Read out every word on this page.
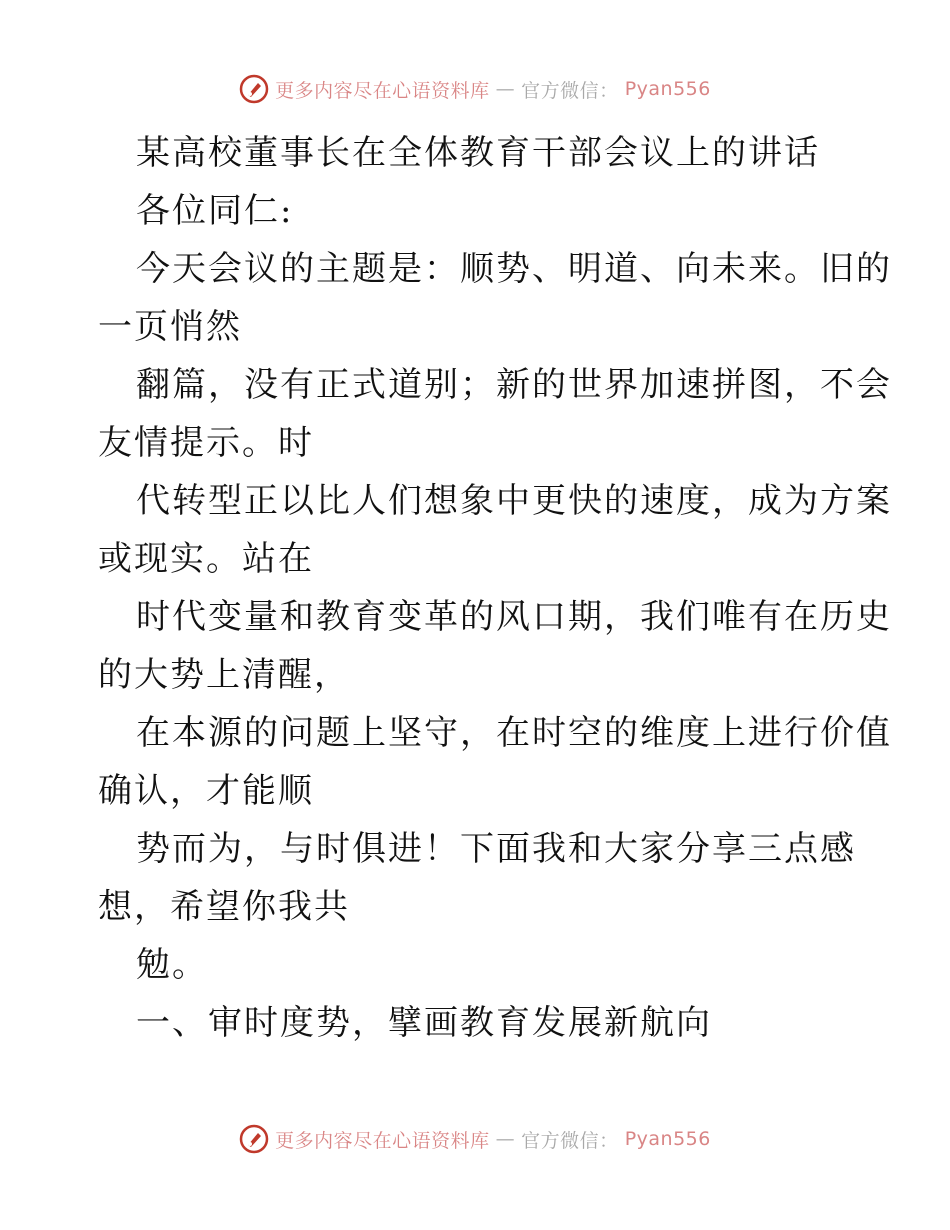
更多内容尽在心语资料库 — 官方微信： Pyan556
某高校董事长在全体教育干部会议上的讲话
各位同仁:
今天会议的主题是：顺势、明道、向未来。旧的
一页悄然
翻篇，没有正式道别；新的世界加速拼图，不会
友情提示。时
代转型正以比人们想象中更快的速度，成为方案
或现实。站在
时代变量和教育变革的风口期，我们唯有在历史
的大势上清醒，
在本源的问题上坚守，在时空的维度上进行价值
确认，才能顺
势而为，与时俱进！下面我和大家分享三点感
想，希望你我共
勉。
一、审时度势，擘画教育发展新航向
更多内容尽在心语资料库 — 官方微信： Pyan556
